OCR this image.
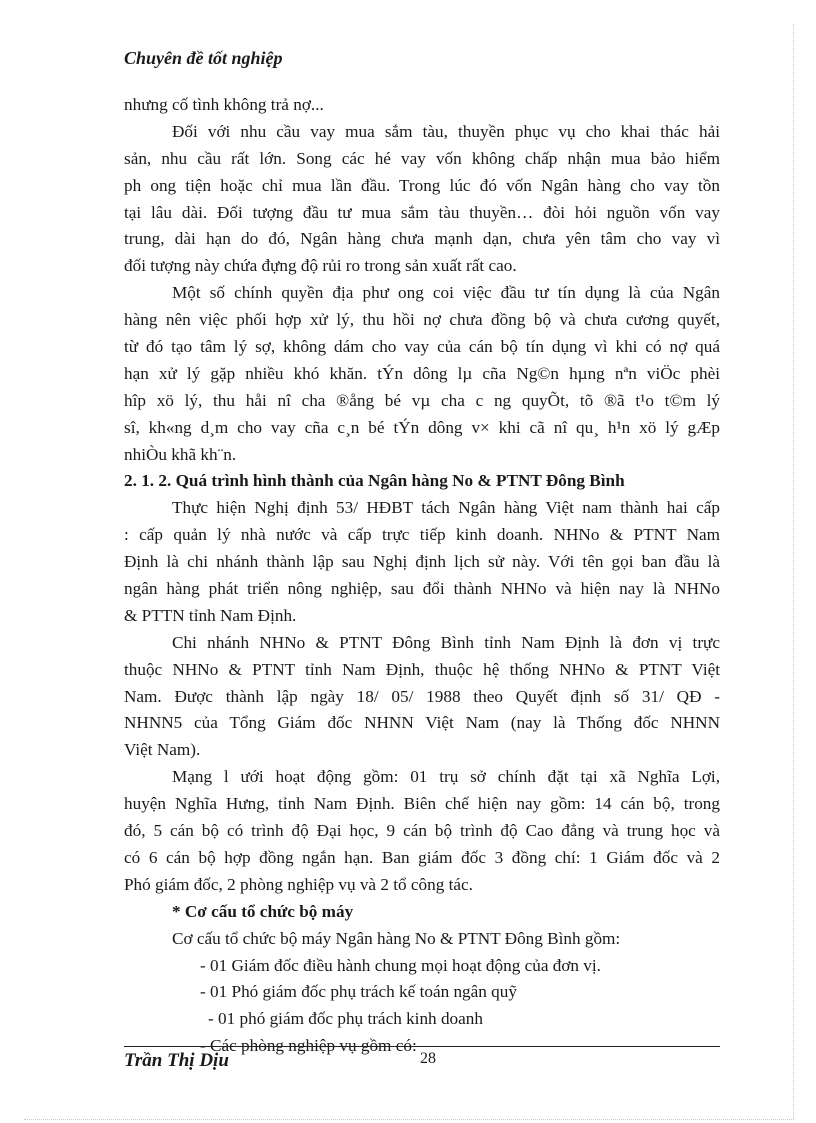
Chuyên đề tốt nghiệp
nhưng cố tình không trả nợ...
Đối với nhu cầu vay mua sắm tàu, thuyền phục vụ cho khai thác hải
sản, nhu cầu rất lớn. Song các hé vay vốn không chấp nhận mua bảo hiểm
ph ong tiện hoặc chỉ mua lần đầu. Trong lúc đó vốn Ngân hàng cho vay tồn
tại lâu dài. Đối tượng đầu tư mua sắm tàu thuyền… đòi hỏi nguồn vốn vay
trung, dài hạn do đó, Ngân hàng chưa mạnh dạn, chưa yên tâm cho vay vì
đối tượng này chứa đựng độ rủi ro trong sản xuất rất cao.
Một số chính quyền địa phư ong coi việc đầu tư tín dụng là của Ngân
hàng nên việc phối hợp xử lý, thu hồi nợ chưa đồng bộ và chưa cương quyết,
từ đó tạo tâm lý sợ, không dám cho vay của cán bộ tín dụng vì khi có nợ quá
hạn xử lý gặp nhiều khó khăn. tÝn dông lµ cña Ng©n hµng nªn viÖc phèi
hîp xö lý, thu håi nî cha ®ång bé vµ cha c ng quyÕt, tõ ®ã t¹o t©m lý
sî, kh«ng d¸m cho vay cña c¸n bé tÝn dông v× khi cã nî qu¸ h¹n xö lý gÆp
nhiÒu khã kh¨n.
2. 1. 2. Quá trình hình thành của Ngân hàng No & PTNT Đông Bình
Thực hiện Nghị định 53/ HĐBT tách Ngân hàng Việt nam thành hai cấp
: cấp quản lý nhà nước và cấp trực tiếp kinh doanh. NHNo & PTNT Nam
Định là chi nhánh thành lập sau Nghị định lịch sử này. Với tên gọi ban đầu là
ngân hàng phát triển nông nghiệp, sau đổi thành NHNo và hiện nay là NHNo
& PTTN tỉnh Nam Định.
Chi nhánh NHNo & PTNT Đông Bình tỉnh Nam Định là đơn vị trực
thuộc NHNo & PTNT tỉnh Nam Định, thuộc hệ thống NHNo & PTNT Việt
Nam. Được thành lập ngày 18/ 05/ 1988 theo Quyết định số 31/ QĐ -
NHNN5 của Tổng Giám đốc NHNN Việt Nam (nay là Thống đốc NHNN
Việt Nam).
Mạng l ưới hoạt động gồm: 01 trụ sở chính đặt tại xã Nghĩa Lợi,
huyện Nghĩa Hưng, tỉnh Nam Định. Biên chế hiện nay gồm: 14 cán bộ, trong
đó, 5 cán bộ có trình độ Đại học, 9 cán bộ trình độ Cao đẳng và trung học và
có 6 cán bộ hợp đồng ngắn hạn. Ban giám đốc 3 đồng chí: 1 Giám đốc và 2
Phó giám đốc, 2 phòng nghiệp vụ và 2 tổ công tác.
* Cơ cấu tổ chức bộ máy
Cơ cấu tổ chức bộ máy Ngân hàng No & PTNT Đông Bình gồm:
- 01 Giám đốc điều hành chung mọi hoạt động của đơn vị.
- 01 Phó giám đốc phụ trách kế toán ngân quỹ
- 01 phó giám đốc phụ trách kinh doanh
- Các phòng nghiệp vụ gồm có:
Trần Thị Dịu	28
